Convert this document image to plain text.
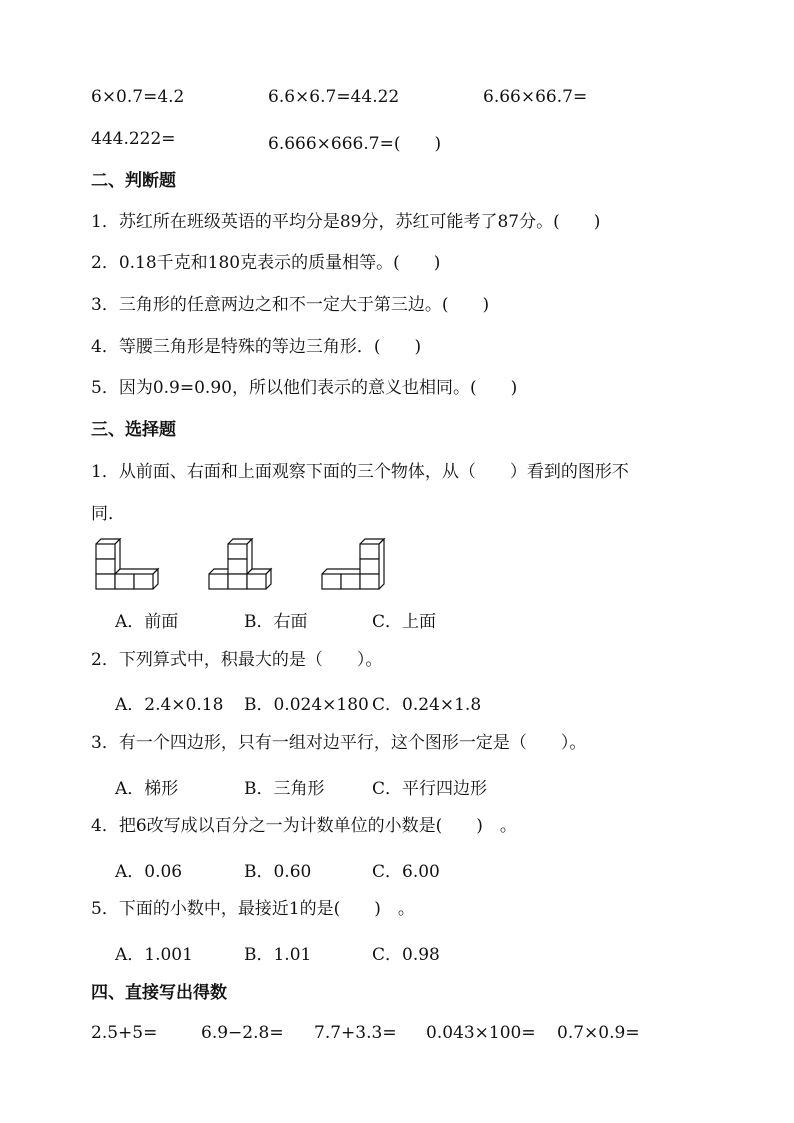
6×0.7=4.2	6.6×6.7=44.22	6.66×66.7=
444.222=	6.666×666.7=(　　)
二、判断题
1．苏红所在班级英语的平均分是89分，苏红可能考了87分。(　　)
2．0.18千克和180克表示的质量相等。(　　)
3．三角形的任意两边之和不一定大于第三边。(　　)
4．等腰三角形是特殊的等边三角形．(　　)
5．因为0.9=0.90，所以他们表示的意义也相同。(　　)
三、选择题
1．从前面、右面和上面观察下面的三个物体，从（　　）看到的图形不
同．
A．前面	B．右面	C．上面
2．下列算式中，积最大的是（　　）。
A．2.4×0.18 B．0.024×180 C．0.24×1.8
3．有一个四边形，只有一组对边平行，这个图形一定是（　　）。
A．梯形	B．三角形	C．平行四边形
4．把6改写成以百分之一为计数单位的小数是(　　)　。
A．0.06	B．0.60	C．6.00
5．下面的小数中，最接近1的是(　　)　。
A．1.001	B．1.01	C．0.98
四、直接写出得数
2.5+5=	6.9−2.8= 7.7+3.3= 0.043×100= 0.7×0.9=
